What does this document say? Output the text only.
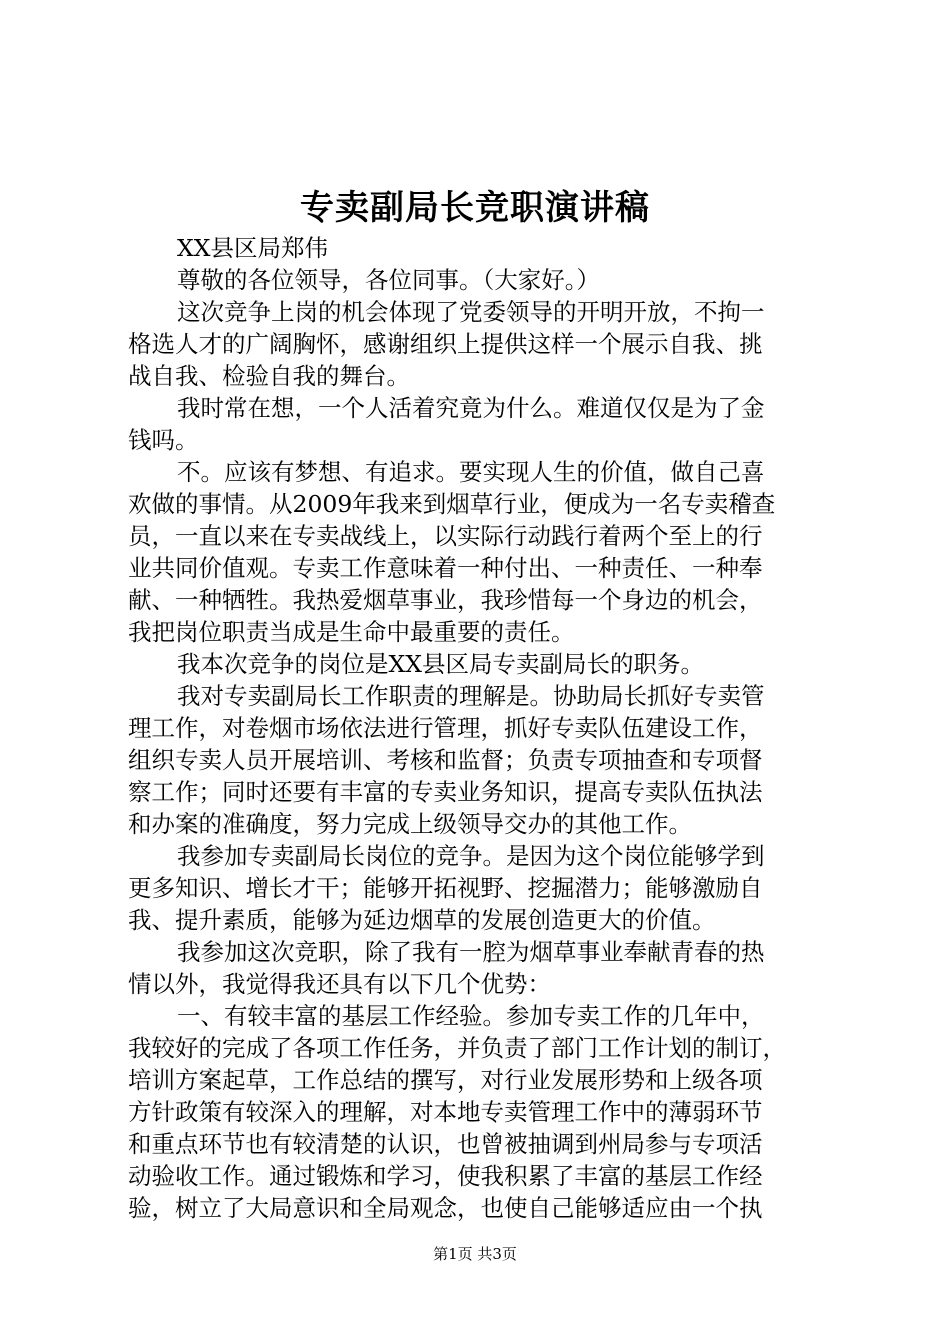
专卖副局长竞职演讲稿
XX县区局郑伟
尊敬的各位领导，各位同事。（大家好。）
这次竞争上岗的机会体现了党委领导的开明开放，不拘一
格选人才的广阔胸怀，感谢组织上提供这样一个展示自我、挑
战自我、检验自我的舞台。
我时常在想，一个人活着究竟为什么。难道仅仅是为了金
钱吗。
不。应该有梦想、有追求。要实现人生的价值，做自己喜
欢做的事情。从2009年我来到烟草行业，便成为一名专卖稽查
员，一直以来在专卖战线上，以实际行动践行着两个至上的行
业共同价值观。专卖工作意味着一种付出、一种责任、一种奉
献、一种牺牲。我热爱烟草事业，我珍惜每一个身边的机会，
我把岗位职责当成是生命中最重要的责任。
我本次竞争的岗位是XX县区局专卖副局长的职务。
我对专卖副局长工作职责的理解是。协助局长抓好专卖管
理工作，对卷烟市场依法进行管理，抓好专卖队伍建设工作，
组织专卖人员开展培训、考核和监督；负责专项抽查和专项督
察工作；同时还要有丰富的专卖业务知识，提高专卖队伍执法
和办案的准确度，努力完成上级领导交办的其他工作。
我参加专卖副局长岗位的竞争。是因为这个岗位能够学到
更多知识、增长才干；能够开拓视野、挖掘潜力；能够激励自
我、提升素质，能够为延边烟草的发展创造更大的价值。
我参加这次竞职，除了我有一腔为烟草事业奉献青春的热
情以外，我觉得我还具有以下几个优势：
一、有较丰富的基层工作经验。参加专卖工作的几年中，
我较好的完成了各项工作任务，并负责了部门工作计划的制订，
培训方案起草，工作总结的撰写，对行业发展形势和上级各项
方针政策有较深入的理解，对本地专卖管理工作中的薄弱环节
和重点环节也有较清楚的认识，也曾被抽调到州局参与专项活
动验收工作。通过锻炼和学习，使我积累了丰富的基层工作经
验，树立了大局意识和全局观念，也使自己能够适应由一个执
第1页 共3页
